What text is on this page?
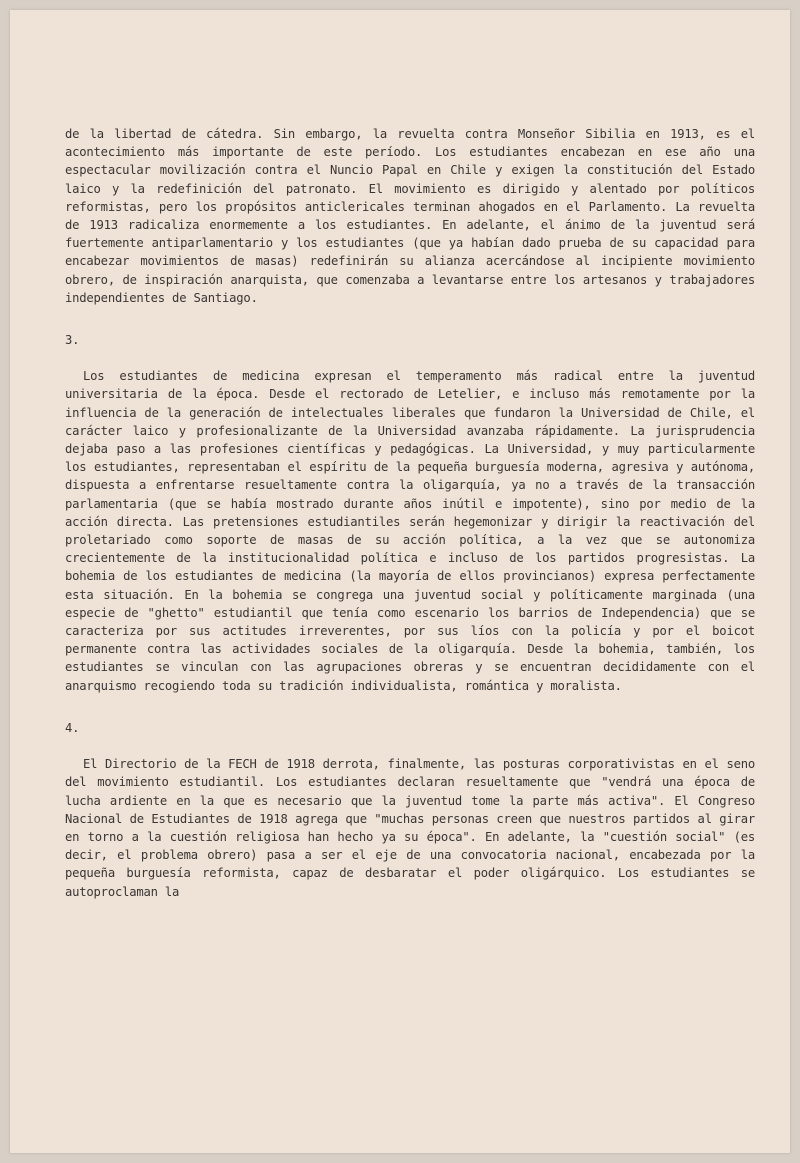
de la libertad de cátedra. Sin embargo, la revuelta contra Monseñor Sibilia en 1913, es el acontecimiento más importante de este período. Los estudiantes encabezan en ese año una espectacular movilización contra el Nuncio Papal en Chile y exigen la constitución del Estado laico y la redefinición del patronato. El movimiento es dirigido y alentado por políticos reformistas, pero los propósitos anticlericales terminan ahogados en el Parlamento. La revuelta de 1913 radicaliza enormemente a los estudiantes. En adelante, el ánimo de la juventud será fuertemente antiparlamentario y los estudiantes (que ya habían dado prueba de su capacidad para encabezar movimientos de masas) redefinirán su alianza acercándose al incipiente movimiento obrero, de inspiración anarquista, que comenzaba a levantarse entre los artesanos y trabajadores independientes de Santiago.

3.

Los estudiantes de medicina expresan el temperamento más radical entre la juventud universitaria de la época. Desde el rectorado de Letelier, e incluso más remotamente por la influencia de la generación de intelectuales liberales que fundaron la Universidad de Chile, el carácter laico y profesionalizante de la Universidad avanzaba rápidamente. La jurisprudencia dejaba paso a las profesiones científicas y pedagógicas. La Universidad, y muy particularmente los estudiantes, representaban el espíritu de la pequeña burguesía moderna, agresiva y autónoma, dispuesta a enfrentarse resueltamente contra la oligarquía, ya no a través de la transacción parlamentaria (que se había mostrado durante años inútil e impotente), sino por medio de la acción directa. Las pretensiones estudiantiles serán hegemonizar y dirigir la reactivación del proletariado como soporte de masas de su acción política, a la vez que se autonomiza crecientemente de la institucionalidad política e incluso de los partidos progresistas. La bohemia de los estudiantes de medicina (la mayoría de ellos provincianos) expresa perfectamente esta situación. En la bohemia se congrega una juventud social y políticamente marginada (una especie de "ghetto" estudiantil que tenía como escenario los barrios de Independencia) que se caracteriza por sus actitudes irreverentes, por sus líos con la policía y por el boicot permanente contra las actividades sociales de la oligarquía. Desde la bohemia, también, los estudiantes se vinculan con las agrupaciones obreras y se encuentran decididamente con el anarquismo recogiendo toda su tradición individualista, romántica y moralista.

4.

El Directorio de la FECH de 1918 derrota, finalmente, las posturas corporativistas en el seno del movimiento estudiantil. Los estudiantes declaran resueltamente que "vendrá una época de lucha ardiente en la que es necesario que la juventud tome la parte más activa". El Congreso Nacional de Estudiantes de 1918 agrega que "muchas personas creen que nuestros partidos al girar en torno a la cuestión religiosa han hecho ya su época". En adelante, la "cuestión social" (es decir, el problema obrero) pasa a ser el eje de una convocatoria nacional, encabezada por la pequeña burguesía reformista, capaz de desbaratar el poder oligárquico. Los estudiantes se autoproclaman la
